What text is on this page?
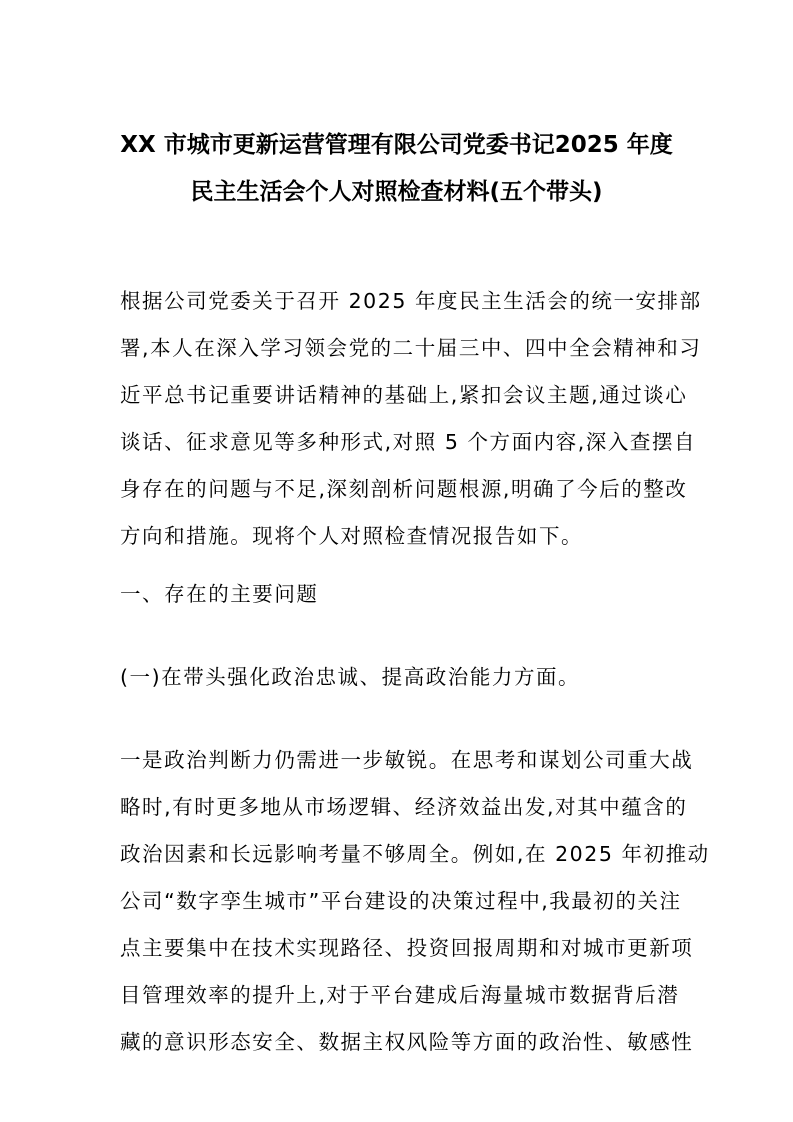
XX 市城市更新运营管理有限公司党委书记2025 年度
民主生活会个人对照检查材料(五个带头)
根据公司党委关于召开 2025 年度民主生活会的统一安排部
署,本人在深入学习领会党的二十届三中、四中全会精神和习
近平总书记重要讲话精神的基础上,紧扣会议主题,通过谈心
谈话、征求意见等多种形式,对照 5 个方面内容,深入查摆自
身存在的问题与不足,深刻剖析问题根源,明确了今后的整改
方向和措施。现将个人对照检查情况报告如下。
一、存在的主要问题
(一)在带头强化政治忠诚、提高政治能力方面。
一是政治判断力仍需进一步敏锐。在思考和谋划公司重大战
略时,有时更多地从市场逻辑、经济效益出发,对其中蕴含的
政治因素和长远影响考量不够周全。例如,在 2025 年初推动
公司“数字孪生城市”平台建设的决策过程中,我最初的关注
点主要集中在技术实现路径、投资回报周期和对城市更新项
目管理效率的提升上,对于平台建成后海量城市数据背后潜
藏的意识形态安全、数据主权风险等方面的政治性、敏感性
